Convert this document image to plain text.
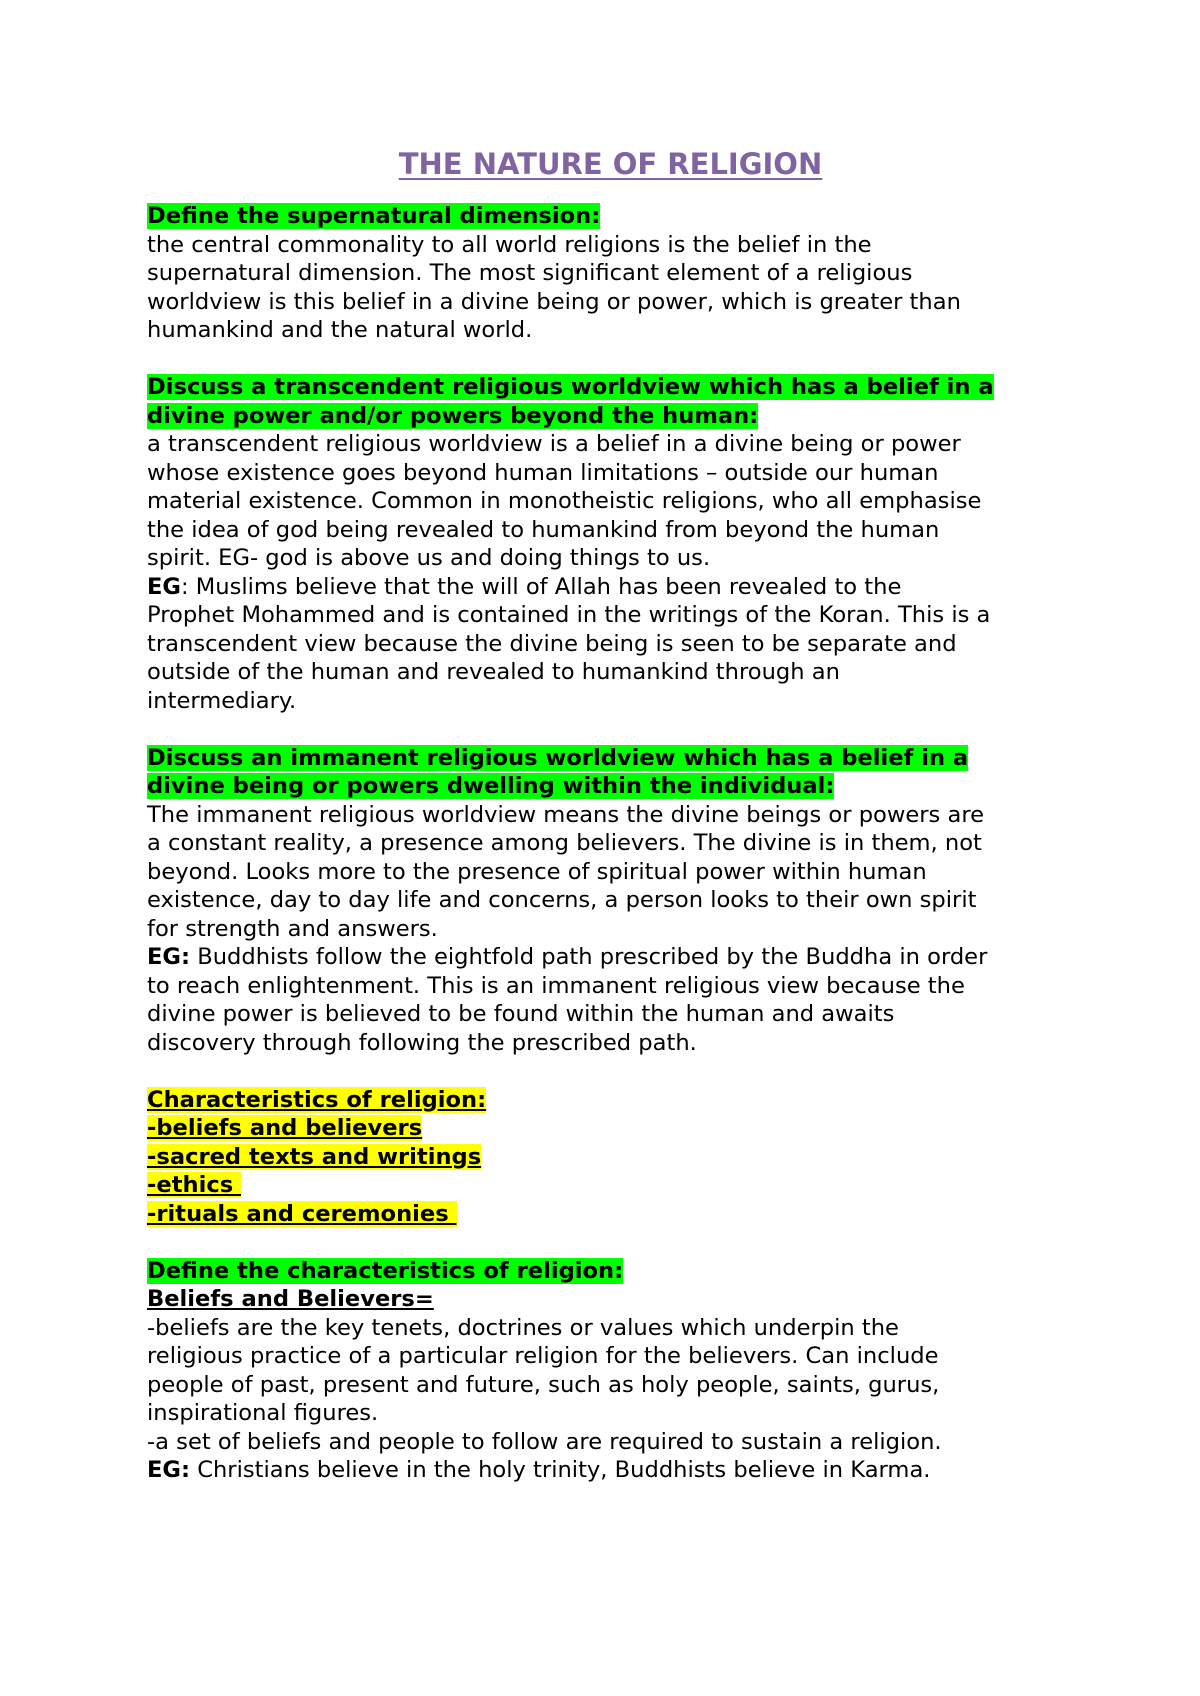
THE NATURE OF RELIGION
Define the supernatural dimension:
the central commonality to all world religions is the belief in the
supernatural dimension. The most significant element of a religious
worldview is this belief in a divine being or power, which is greater than
humankind and the natural world.
Discuss a transcendent religious worldview which has a belief in a
divine power and/or powers beyond the human:
a transcendent religious worldview is a belief in a divine being or power
whose existence goes beyond human limitations – outside our human
material existence. Common in monotheistic religions, who all emphasise
the idea of god being revealed to humankind from beyond the human
spirit. EG- god is above us and doing things to us.
EG: Muslims believe that the will of Allah has been revealed to the
Prophet Mohammed and is contained in the writings of the Koran. This is a
transcendent view because the divine being is seen to be separate and
outside of the human and revealed to humankind through an
intermediary.
Discuss an immanent religious worldview which has a belief in a
divine being or powers dwelling within the individual:
The immanent religious worldview means the divine beings or powers are
a constant reality, a presence among believers. The divine is in them, not
beyond. Looks more to the presence of spiritual power within human
existence, day to day life and concerns, a person looks to their own spirit
for strength and answers.
EG: Buddhists follow the eightfold path prescribed by the Buddha in order
to reach enlightenment. This is an immanent religious view because the
divine power is believed to be found within the human and awaits
discovery through following the prescribed path.
Characteristics of religion:
-beliefs and believers
-sacred texts and writings
-ethics
-rituals and ceremonies
Define the characteristics of religion:
Beliefs and Believers=
-beliefs are the key tenets, doctrines or values which underpin the
religious practice of a particular religion for the believers. Can include
people of past, present and future, such as holy people, saints, gurus,
inspirational figures.
-a set of beliefs and people to follow are required to sustain a religion.
EG: Christians believe in the holy trinity, Buddhists believe in Karma.
